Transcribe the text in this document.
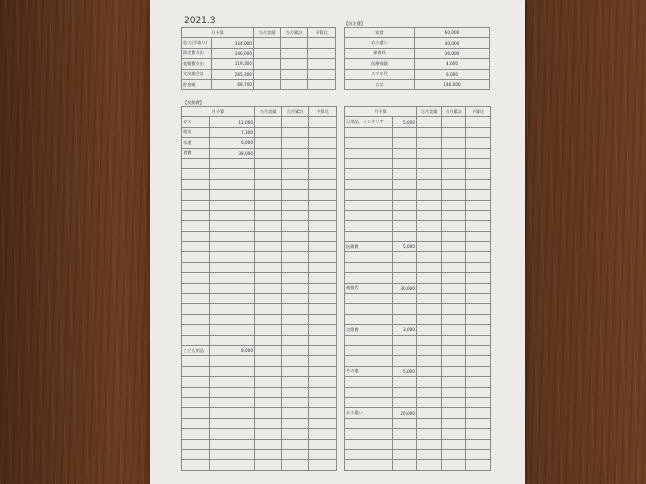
2021.3
月予算		当月実績	当月累計	予算比
収入(手取り)	334,000			
固定費支出	146,000			
変動費支出	119,300			
支出額合計	265,300			
貯金額	68,700			
【固定費】
家賃	60,000
お小遣い	40,000
保育料	36,000
医療保険	4,000
スマホ代	6,000
合計	146,000
【変動費】
月予算		当月実績	当月累計	予算比
ガス	11,000			
電気	7,300			
水道	6,000			
食費	38,000			

こども用品	8,000			

月予算		当月実績	当月累計	予算比
日用品、インテリア	5,000			

医療費	5,000			

被服代	30,000			

交際費	3,000			

その他	5,000			

お小遣い	20,000			
